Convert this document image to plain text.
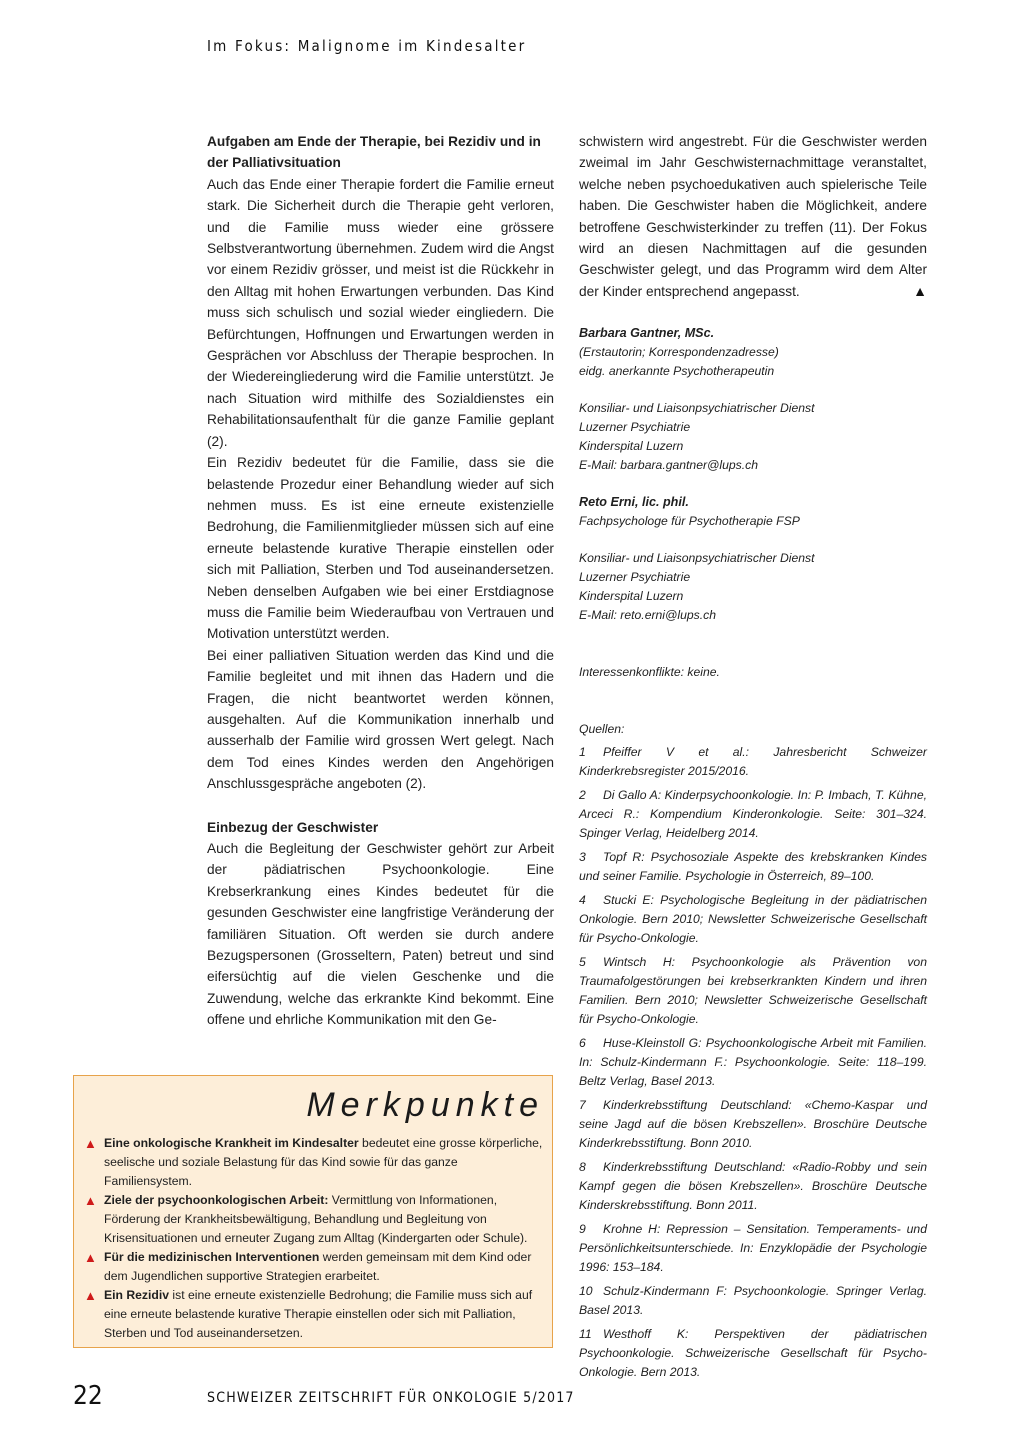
Im Fokus: Malignome im Kindesalter
Aufgaben am Ende der Therapie, bei Rezidiv und in der Palliativsituation

Auch das Ende einer Therapie fordert die Familie erneut stark. Die Sicherheit durch die Therapie geht verloren, und die Familie muss wieder eine grössere Selbstverantwortung übernehmen. Zudem wird die Angst vor einem Rezidiv grösser, und meist ist die Rückkehr in den Alltag mit hohen Erwartungen verbunden. Das Kind muss sich schulisch und sozial wieder eingliedern. Die Befürchtungen, Hoffnungen und Erwartungen werden in Gesprächen vor Abschluss der Therapie besprochen. In der Wiedereingliederung wird die Familie unterstützt. Je nach Situation wird mithilfe des Sozialdienstes ein Rehabilitationsaufenthalt für die ganze Familie geplant (2).

Ein Rezidiv bedeutet für die Familie, dass sie die belastende Prozedur einer Behandlung wieder auf sich nehmen muss. Es ist eine erneute existenzielle Bedrohung, die Familienmitglieder müssen sich auf eine erneute belastende kurative Therapie einstellen oder sich mit Palliation, Sterben und Tod auseinandersetzen. Neben denselben Aufgaben wie bei einer Erstdiagnose muss die Familie beim Wiederaufbau von Vertrauen und Motivation unterstützt werden.

Bei einer palliativen Situation werden das Kind und die Familie begleitet und mit ihnen das Hadern und die Fragen, die nicht beantwortet werden können, ausgehalten. Auf die Kommunikation innerhalb und ausserhalb der Familie wird grossen Wert gelegt. Nach dem Tod eines Kindes werden den Angehörigen Anschlussgespräche angeboten (2).

Einbezug der Geschwister

Auch die Begleitung der Geschwister gehört zur Arbeit der pädiatrischen Psychoonkologie. Eine Krebserkrankung eines Kindes bedeutet für die gesunden Geschwister eine langfristige Veränderung der familiären Situation. Oft werden sie durch andere Bezugspersonen (Grosseltern, Paten) betreut und sind eifersüchtig auf die vielen Geschenke und die Zuwendung, welche das erkrankte Kind bekommt. Eine offene und ehrliche Kommunikation mit den Ge-

schwistern wird angestrebt. Für die Geschwister werden zweimal im Jahr Geschwisternachmittage veranstaltet, welche neben psychoedukativen auch spielerische Teile haben. Die Geschwister haben die Möglichkeit, andere betroffene Geschwisterkinder zu treffen (11). Der Fokus wird an diesen Nachmittagen auf die gesunden Geschwister gelegt, und das Programm wird dem Alter der Kinder entsprechend angepasst.	▲

Barbara Gantner, MSc.
(Erstautorin; Korrespondenzadresse)
eidg. anerkannte Psychotherapeutin
Konsiliar- und Liaisonpsychiatrischer Dienst
Luzerner Psychiatrie
Kinderspital Luzern
E-Mail: barbara.gantner@lups.ch
Reto Erni, lic. phil.
Fachpsychologe für Psychotherapie FSP
Konsiliar- und Liaisonpsychiatrischer Dienst
Luzerner Psychiatrie
Kinderspital Luzern
E-Mail: reto.erni@lups.ch
Interessenkonflikte: keine.
Quellen:
1 Pfeiffer V et al.: Jahresbericht Schweizer Kinderkrebsregister 2015/2016.
2 Di Gallo A: Kinderpsychoonkologie. In: P. Imbach, T. Kühne, Arceci R.: Kompendium Kinderonkologie. Seite: 301–324. Spinger Verlag, Heidelberg 2014.
3 Topf R: Psychosoziale Aspekte des krebskranken Kindes und seiner Familie. Psychologie in Österreich, 89–100.
4 Stucki E: Psychologische Begleitung in der pädiatrischen Onkologie. Bern 2010; Newsletter Schweizerische Gesellschaft für Psycho-Onkologie.
5 Wintsch H: Psychoonkologie als Prävention von Traumafolgestörungen bei krebserkrankten Kindern und ihren Familien. Bern 2010; Newsletter Schweizerische Gesellschaft für Psycho-Onkologie.
6 Huse-Kleinstoll G: Psychoonkologische Arbeit mit Familien. In: Schulz-Kindermann F.: Psychoonkologie. Seite: 118–199. Beltz Verlag, Basel 2013.
7 Kinderkrebsstiftung Deutschland: «Chemo-Kaspar und seine Jagd auf die bösen Krebszellen». Broschüre Deutsche Kinderkrebsstiftung. Bonn 2010.
8 Kinderkrebsstiftung Deutschland: «Radio-Robby und sein Kampf gegen die bösen Krebszellen». Broschüre Deutsche Kinderskrebsstiftung. Bonn 2011.
9 Krohne H: Repression – Sensitation. Temperaments- und Persönlichkeitsunterschiede. In: Enzyklopädie der Psychologie 1996: 153–184.
10 Schulz-Kindermann F: Psychoonkologie. Springer Verlag. Basel 2013.
11 Westhoff K: Perspektiven der pädiatrischen Psychoonkologie. Schweizerische Gesellschaft für Psycho-Onkologie. Bern 2013.
Merkpunkte
▲ Eine onkologische Krankheit im Kindesalter bedeutet eine grosse körperliche, seelische und soziale Belastung für das Kind sowie für das ganze Familiensystem.
▲ Ziele der psychoonkologischen Arbeit: Vermittlung von Informationen, Förderung der Krankheitsbewältigung, Behandlung und Begleitung von Krisensituationen und erneuter Zugang zum Alltag (Kindergarten oder Schule).
▲ Für die medizinischen Interventionen werden gemeinsam mit dem Kind oder dem Jugendlichen supportive Strategien erarbeitet.
▲ Ein Rezidiv ist eine erneute existenzielle Bedrohung; die Familie muss sich auf eine erneute belastende kurative Therapie einstellen oder sich mit Palliation, Sterben und Tod auseinandersetzen.
22	SCHWEIZER ZEITSCHRIFT FÜR ONKOLOGIE 5/2017
